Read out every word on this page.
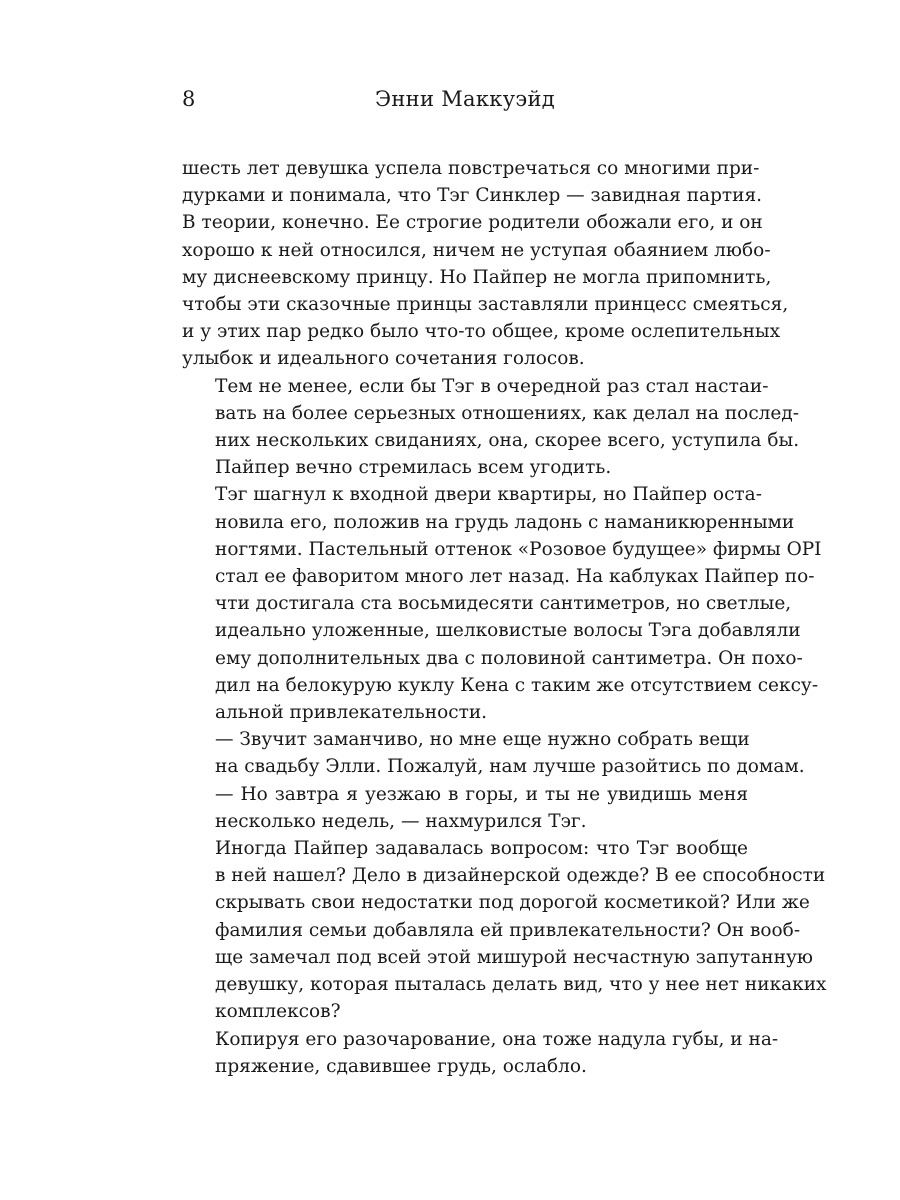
8	Энни Маккуэйд

шесть лет девушка успела повстречаться со многими при-
дурками и понимала, что Тэг Синклер — завидная партия.
В теории, конечно. Ее строгие родители обожали его, и он
хорошо к ней относился, ничем не уступая обаянием любо-
му диснеевскому принцу. Но Пайпер не могла припомнить,
чтобы эти сказочные принцы заставляли принцесс смеяться,
и у этих пар редко было что-то общее, кроме ослепительных
улыбок и идеального сочетания голосов.

Тем не менее, если бы Тэг в очередной раз стал настаи-
вать на более серьезных отношениях, как делал на послед-
них нескольких свиданиях, она, скорее всего, уступила бы.
Пайпер вечно стремилась всем угодить.

Тэг шагнул к входной двери квартиры, но Пайпер оста-
новила его, положив на грудь ладонь с наманикюренными
ногтями. Пастельный оттенок «Розовое будущее» фирмы OPI
стал ее фаворитом много лет назад. На каблуках Пайпер по-
чти достигала ста восьмидесяти сантиметров, но светлые,
идеально уложенные, шелковистые волосы Тэга добавляли
ему дополнительных два с половиной сантиметра. Он похо-
дил на белокурую куклу Кена с таким же отсутствием сексу-
альной привлекательности.

— Звучит заманчиво, но мне еще нужно собрать вещи
на свадьбу Элли. Пожалуй, нам лучше разойтись по домам.

— Но завтра я уезжаю в горы, и ты не увидишь меня
несколько недель, — нахмурился Тэг.

Иногда Пайпер задавалась вопросом: что Тэг вообще
в ней нашел? Дело в дизайнерской одежде? В ее способности
скрывать свои недостатки под дорогой косметикой? Или же
фамилия семьи добавляла ей привлекательности? Он вооб-
ще замечал под всей этой мишурой несчастную запутанную
девушку, которая пыталась делать вид, что у нее нет никаких
комплексов?

Копируя его разочарование, она тоже надула губы, и на-
пряжение, сдавившее грудь, ослабло.
